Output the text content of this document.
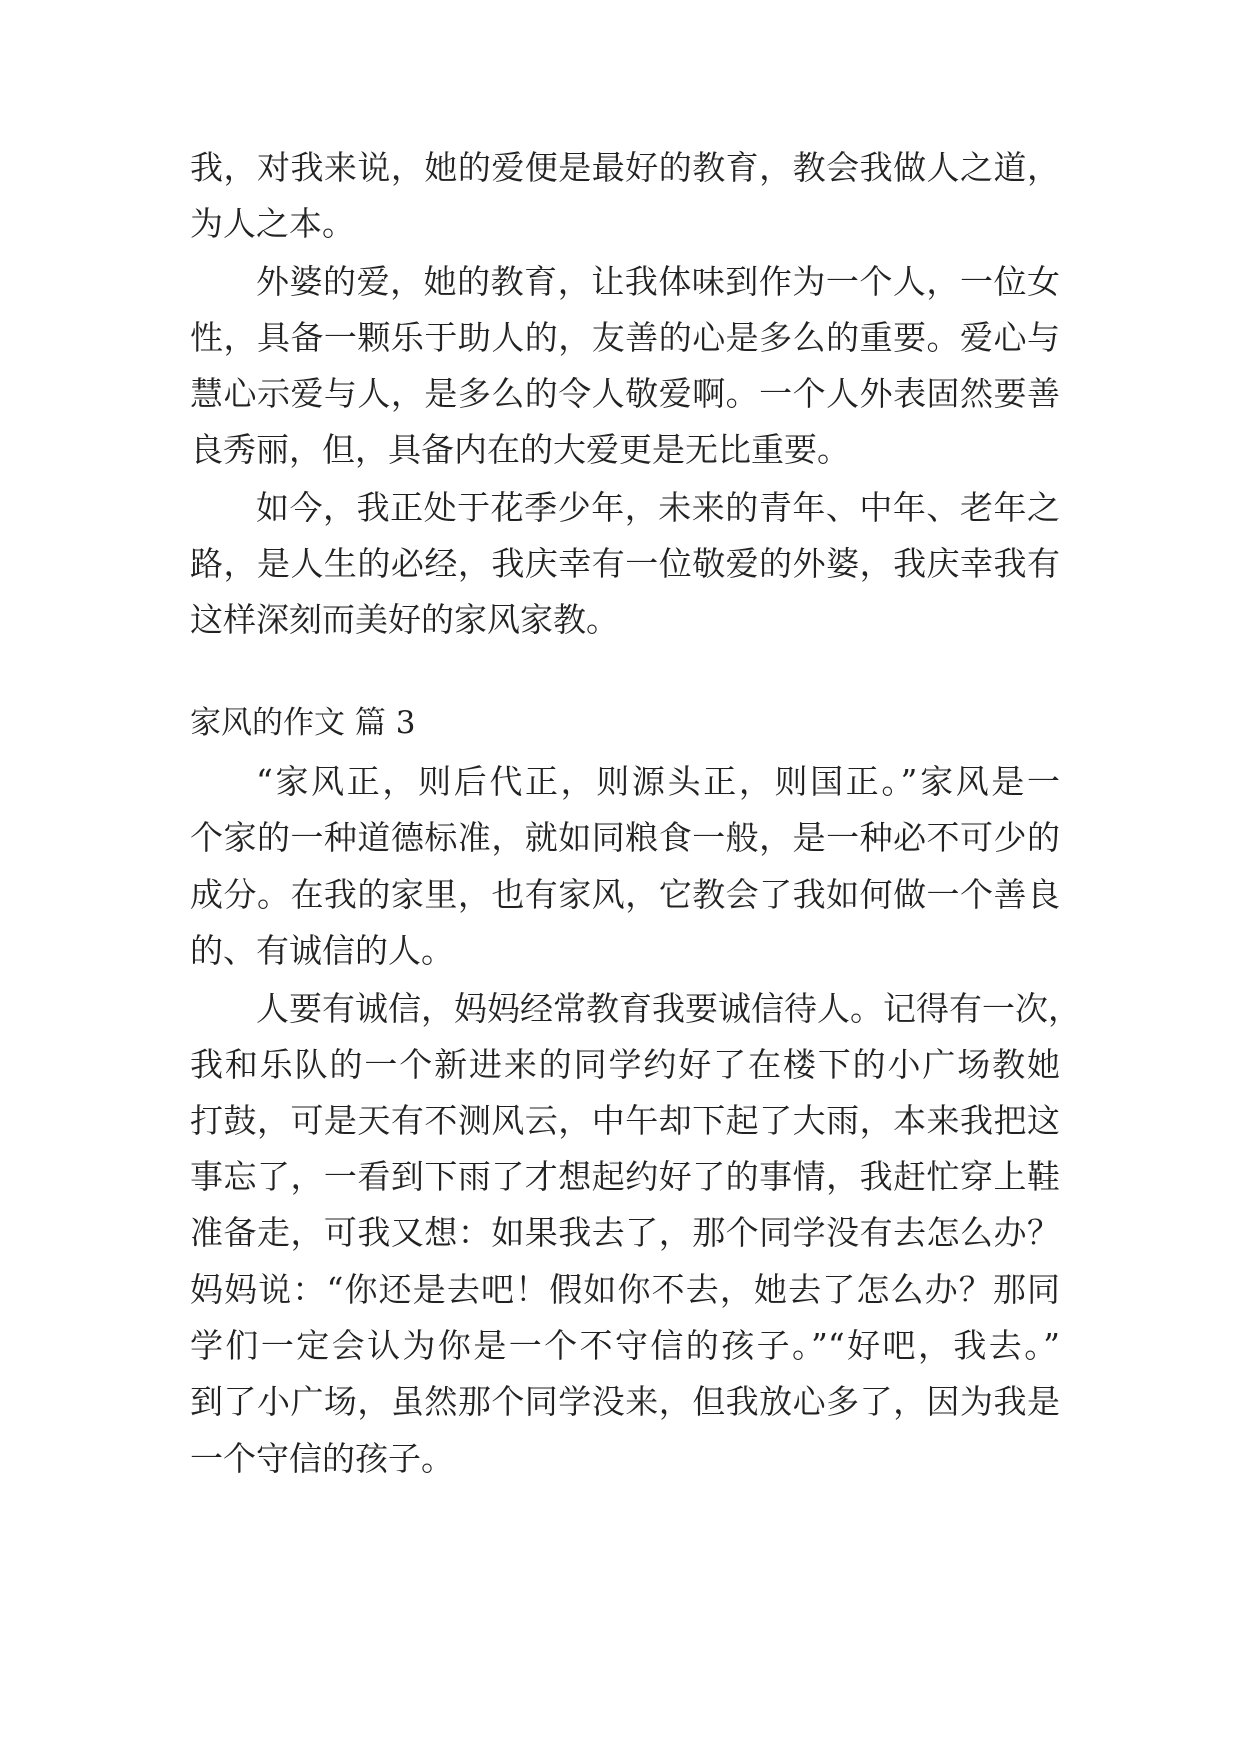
我，对我来说，她的爱便是最好的教育，教会我做人之道，
为人之本。
外婆的爱，她的教育，让我体味到作为一个人，一位女
性，具备一颗乐于助人的，友善的心是多么的重要。爱心与
慧心示爱与人，是多么的令人敬爱啊。一个人外表固然要善
良秀丽，但，具备内在的大爱更是无比重要。
如今，我正处于花季少年，未来的青年、中年、老年之
路，是人生的必经，我庆幸有一位敬爱的外婆，我庆幸我有
这样深刻而美好的家风家教。
家风的作文 篇 3
“家风正，则后代正，则源头正，则国正。”家风是一
个家的一种道德标准，就如同粮食一般，是一种必不可少的
成分。在我的家里，也有家风，它教会了我如何做一个善良
的、有诚信的人。
人要有诚信，妈妈经常教育我要诚信待人。记得有一次，
我和乐队的一个新进来的同学约好了在楼下的小广场教她
打鼓，可是天有不测风云，中午却下起了大雨，本来我把这
事忘了，一看到下雨了才想起约好了的事情，我赶忙穿上鞋
准备走，可我又想：如果我去了，那个同学没有去怎么办？
妈妈说：“你还是去吧！假如你不去，她去了怎么办？那同
学们一定会认为你是一个不守信的孩子。”“好吧，我去。”
到了小广场，虽然那个同学没来，但我放心多了，因为我是
一个守信的孩子。
